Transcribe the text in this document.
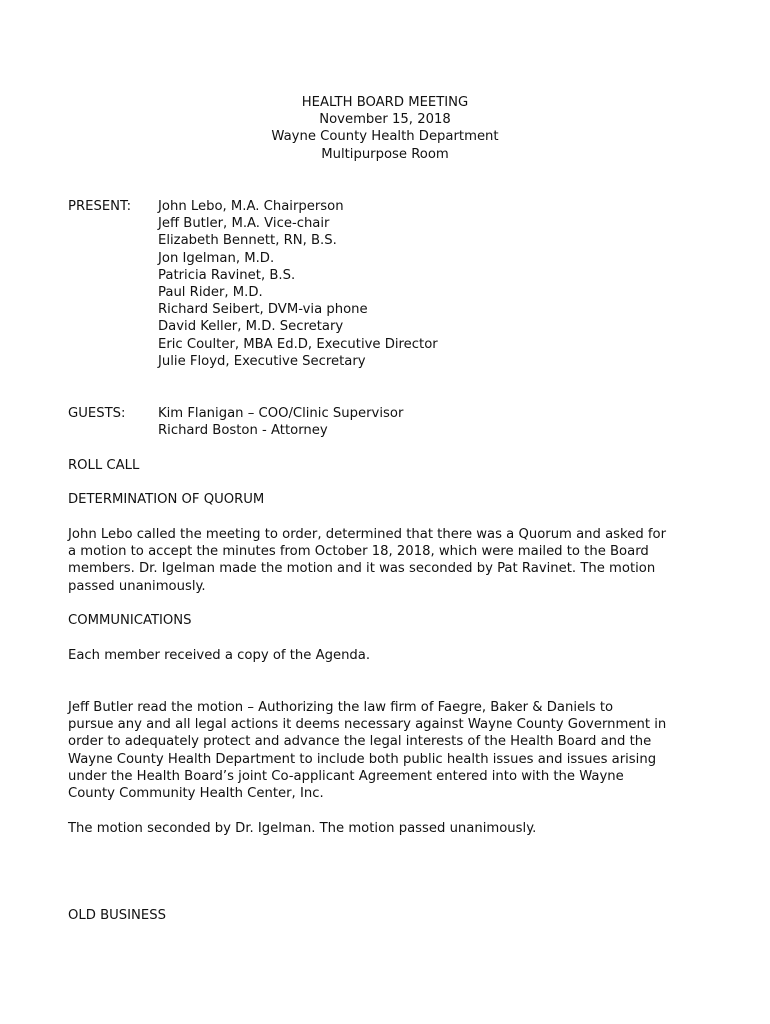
HEALTH BOARD MEETING
November 15, 2018
Wayne County Health Department
Multipurpose Room
PRESENT: John Lebo, M.A. Chairperson
Jeff Butler, M.A. Vice-chair
Elizabeth Bennett, RN, B.S.
Jon Igelman, M.D.
Patricia Ravinet, B.S.
Paul Rider, M.D.
Richard Seibert, DVM-via phone
David Keller, M.D. Secretary
Eric Coulter, MBA Ed.D, Executive Director
Julie Floyd, Executive Secretary
GUESTS: Kim Flanigan – COO/Clinic Supervisor
Richard Boston - Attorney
ROLL CALL
DETERMINATION OF QUORUM
John Lebo called the meeting to order, determined that there was a Quorum and asked for
a motion to accept the minutes from October 18, 2018, which were mailed to the Board
members. Dr. Igelman made the motion and it was seconded by Pat Ravinet. The motion
passed unanimously.
COMMUNICATIONS
Each member received a copy of the Agenda.
Jeff Butler read the motion – Authorizing the law firm of Faegre, Baker & Daniels to
pursue any and all legal actions it deems necessary against Wayne County Government in
order to adequately protect and advance the legal interests of the Health Board and the
Wayne County Health Department to include both public health issues and issues arising
under the Health Board’s joint Co-applicant Agreement entered into with the Wayne
County Community Health Center, Inc.
The motion seconded by Dr. Igelman. The motion passed unanimously.
OLD BUSINESS
